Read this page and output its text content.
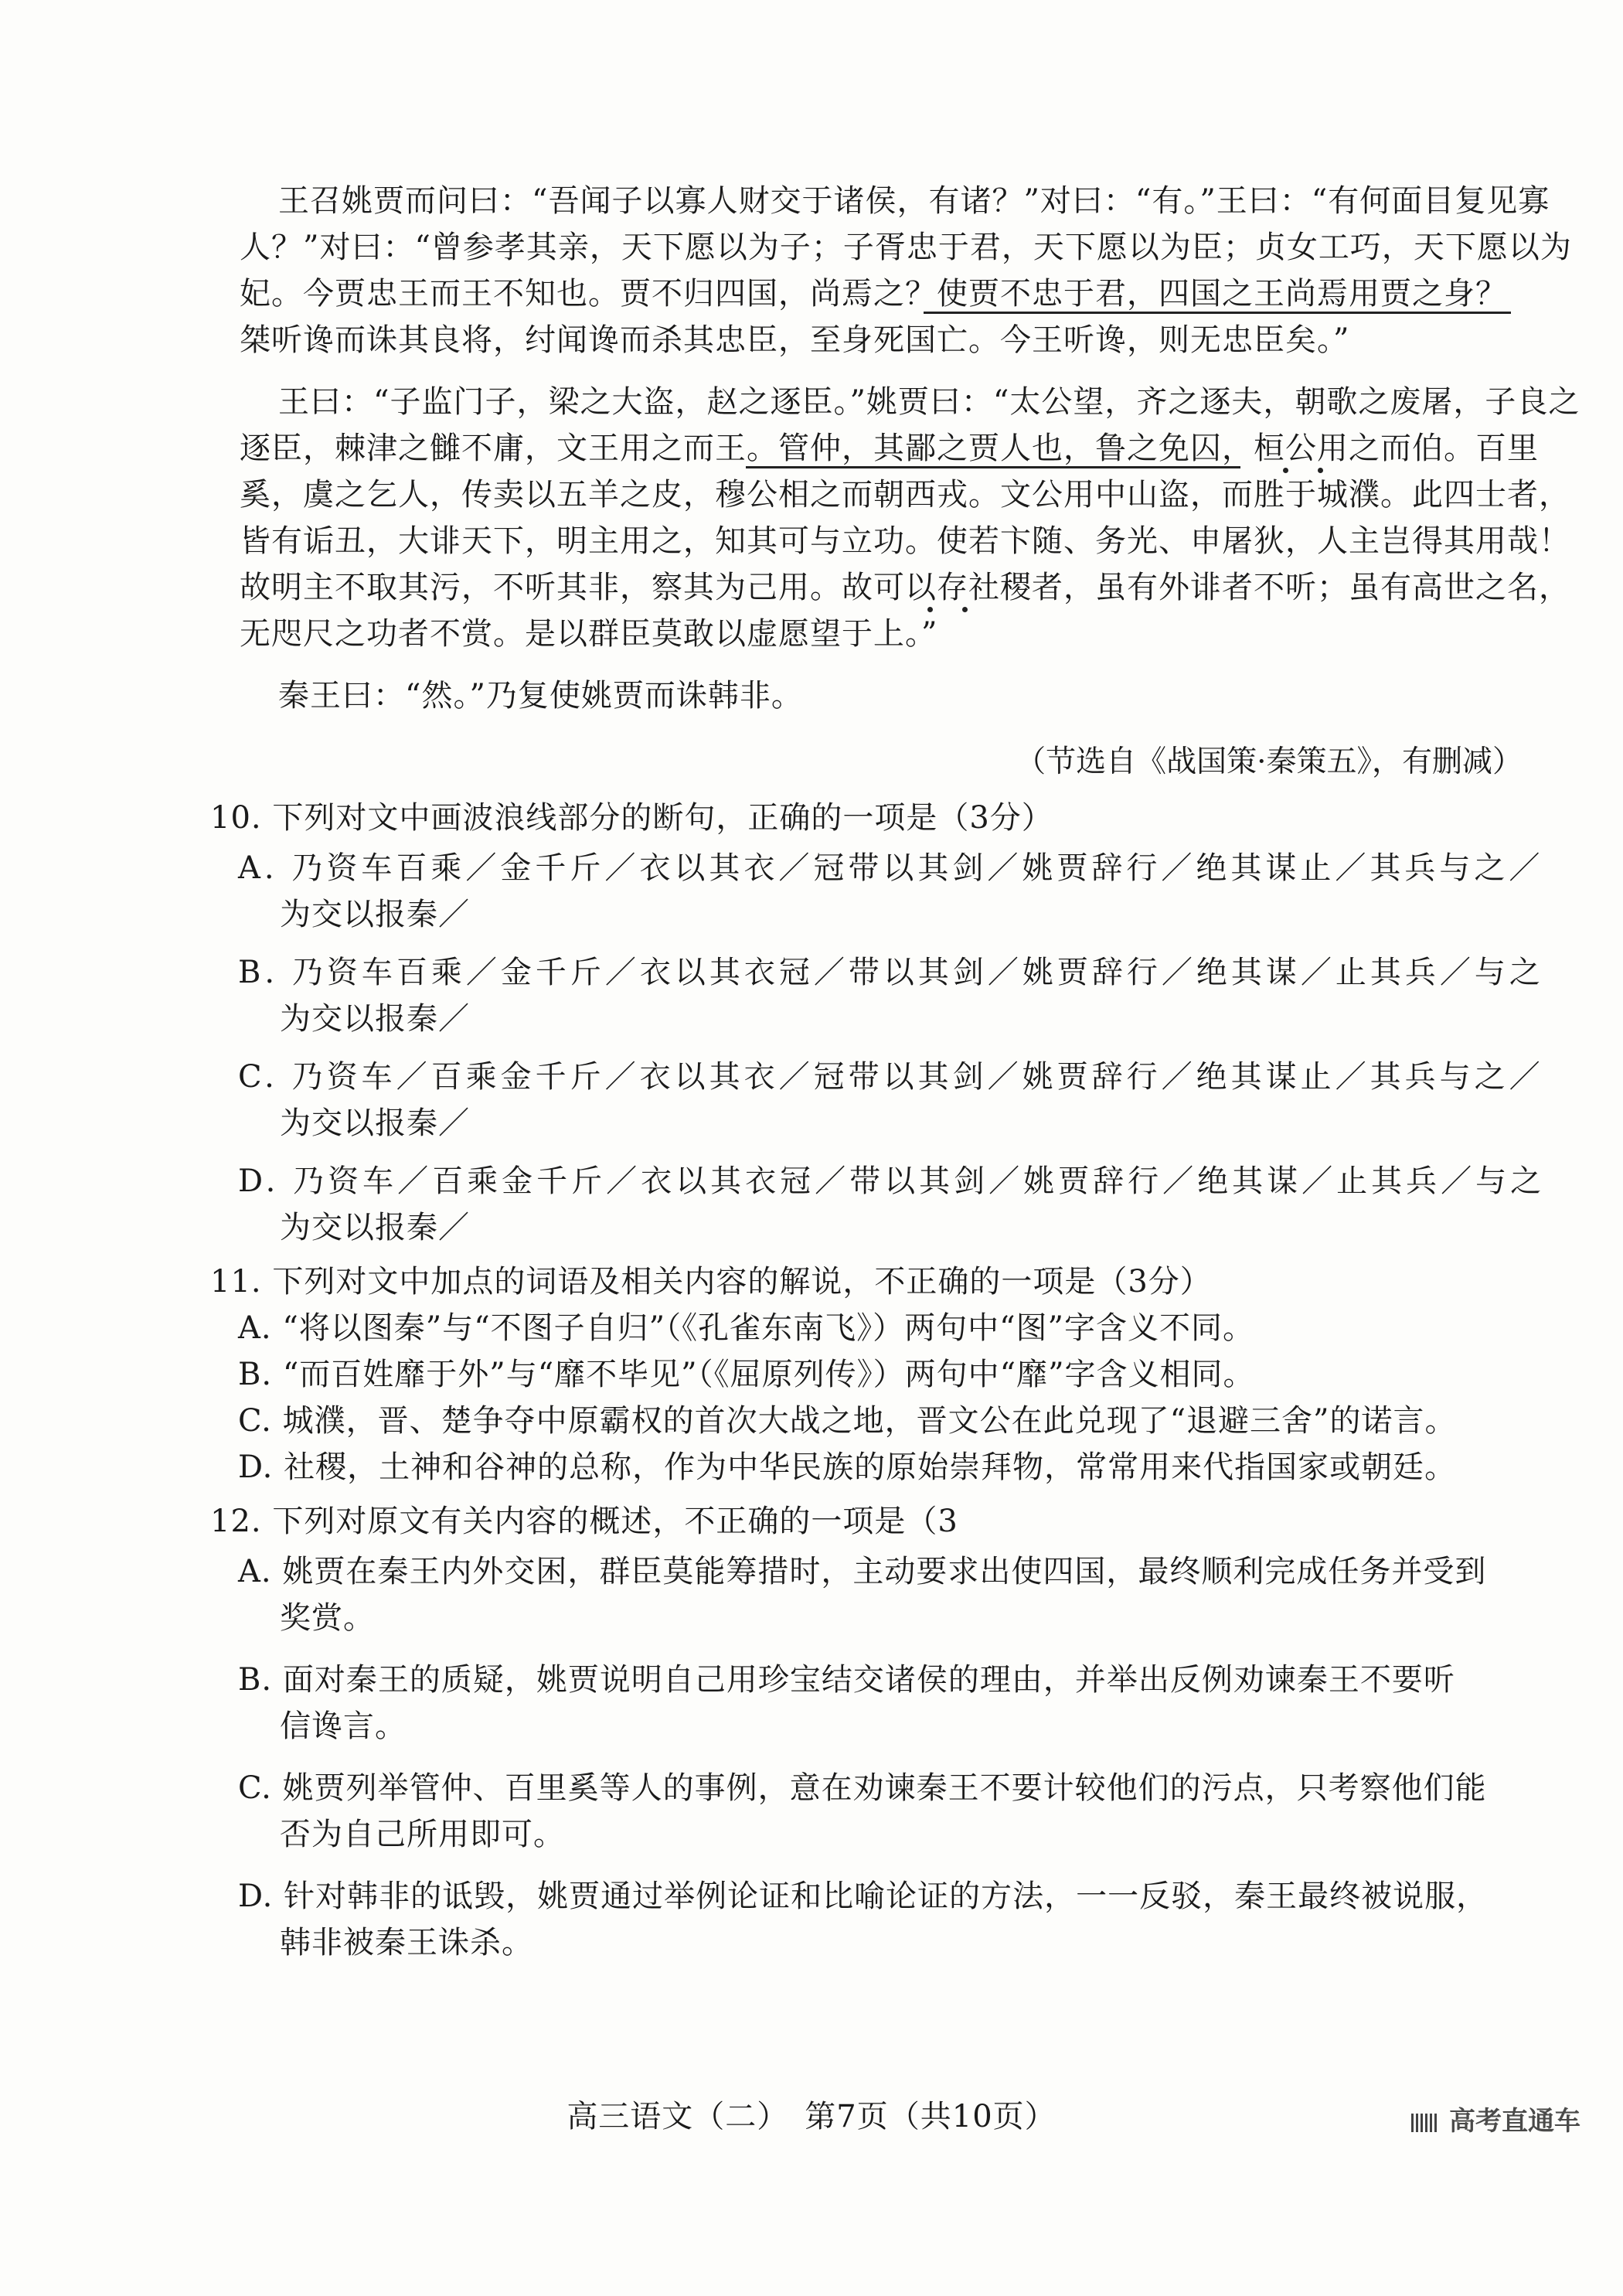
王召姚贾而问曰：“吾闻子以寡人财交于诸侯，有诸？”对曰：“有。”王曰：“有何面目复见寡
人？”对曰：“曾参孝其亲，天下愿以为子；子胥忠于君，天下愿以为臣；贞女工巧，天下愿以为
妃。今贾忠王而王不知也。贾不归四国，尚焉之？使贾不忠于君，四国之王尚焉用贾之身？
桀听谗而诛其良将，纣闻谗而杀其忠臣，至身死国亡。今王听谗，则无忠臣矣。”
王曰：“子监门子，梁之大盗，赵之逐臣。”姚贾曰：“太公望，齐之逐夫，朝歌之废屠，子良之
逐臣，棘津之雠不庸，文王用之而王。管仲，其鄙之贾人也，鲁之免囚，桓公用之而伯。百里
奚，虞之乞人，传卖以五羊之皮，穆公相之而朝西戎。文公用中山盗，而胜于城濮。此四士者，
皆有诟丑，大诽天下，明主用之，知其可与立功。使若卞随、务光、申屠狄，人主岂得其用哉！
故明主不取其污，不听其非，察其为己用。故可以存社稷者，虽有外诽者不听；虽有高世之名，
无咫尺之功者不赏。是以群臣莫敢以虚愿望于上。”
秦王曰：“然。”乃复使姚贾而诛韩非。
（节选自《战国策·秦策五》，有删减）
10. 下列对文中画波浪线部分的断句，正确的一项是（3分）
A. 乃资车百乘／金千斤／衣以其衣／冠带以其剑／姚贾辞行／绝其谋止／其兵与之／
为交以报秦／
B. 乃资车百乘／金千斤／衣以其衣冠／带以其剑／姚贾辞行／绝其谋／止其兵／与之
为交以报秦／
C. 乃资车／百乘金千斤／衣以其衣／冠带以其剑／姚贾辞行／绝其谋止／其兵与之／
为交以报秦／
D. 乃资车／百乘金千斤／衣以其衣冠／带以其剑／姚贾辞行／绝其谋／止其兵／与之
为交以报秦／
11. 下列对文中加点的词语及相关内容的解说，不正确的一项是（3分）
A. “将以图秦”与“不图子自归”（《孔雀东南飞》）两句中“图”字含义不同。
B. “而百姓靡于外”与“靡不毕见”（《屈原列传》）两句中“靡”字含义相同。
C. 城濮，晋、楚争夺中原霸权的首次大战之地，晋文公在此兑现了“退避三舍”的诺言。
D. 社稷，土神和谷神的总称，作为中华民族的原始崇拜物，常常用来代指国家或朝廷。
12. 下列对原文有关内容的概述，不正确的一项是（3
A. 姚贾在秦王内外交困，群臣莫能筹措时，主动要求出使四国，最终顺利完成任务并受到
奖赏。
B. 面对秦王的质疑，姚贾说明自己用珍宝结交诸侯的理由，并举出反例劝谏秦王不要听
信谗言。
C. 姚贾列举管仲、百里奚等人的事例，意在劝谏秦王不要计较他们的污点，只考察他们能
否为自己所用即可。
D. 针对韩非的诋毁，姚贾通过举例论证和比喻论证的方法，一一反驳，秦王最终被说服，
韩非被秦王诛杀。
高三语文（二）　第7页（共10页）	高考直通车
